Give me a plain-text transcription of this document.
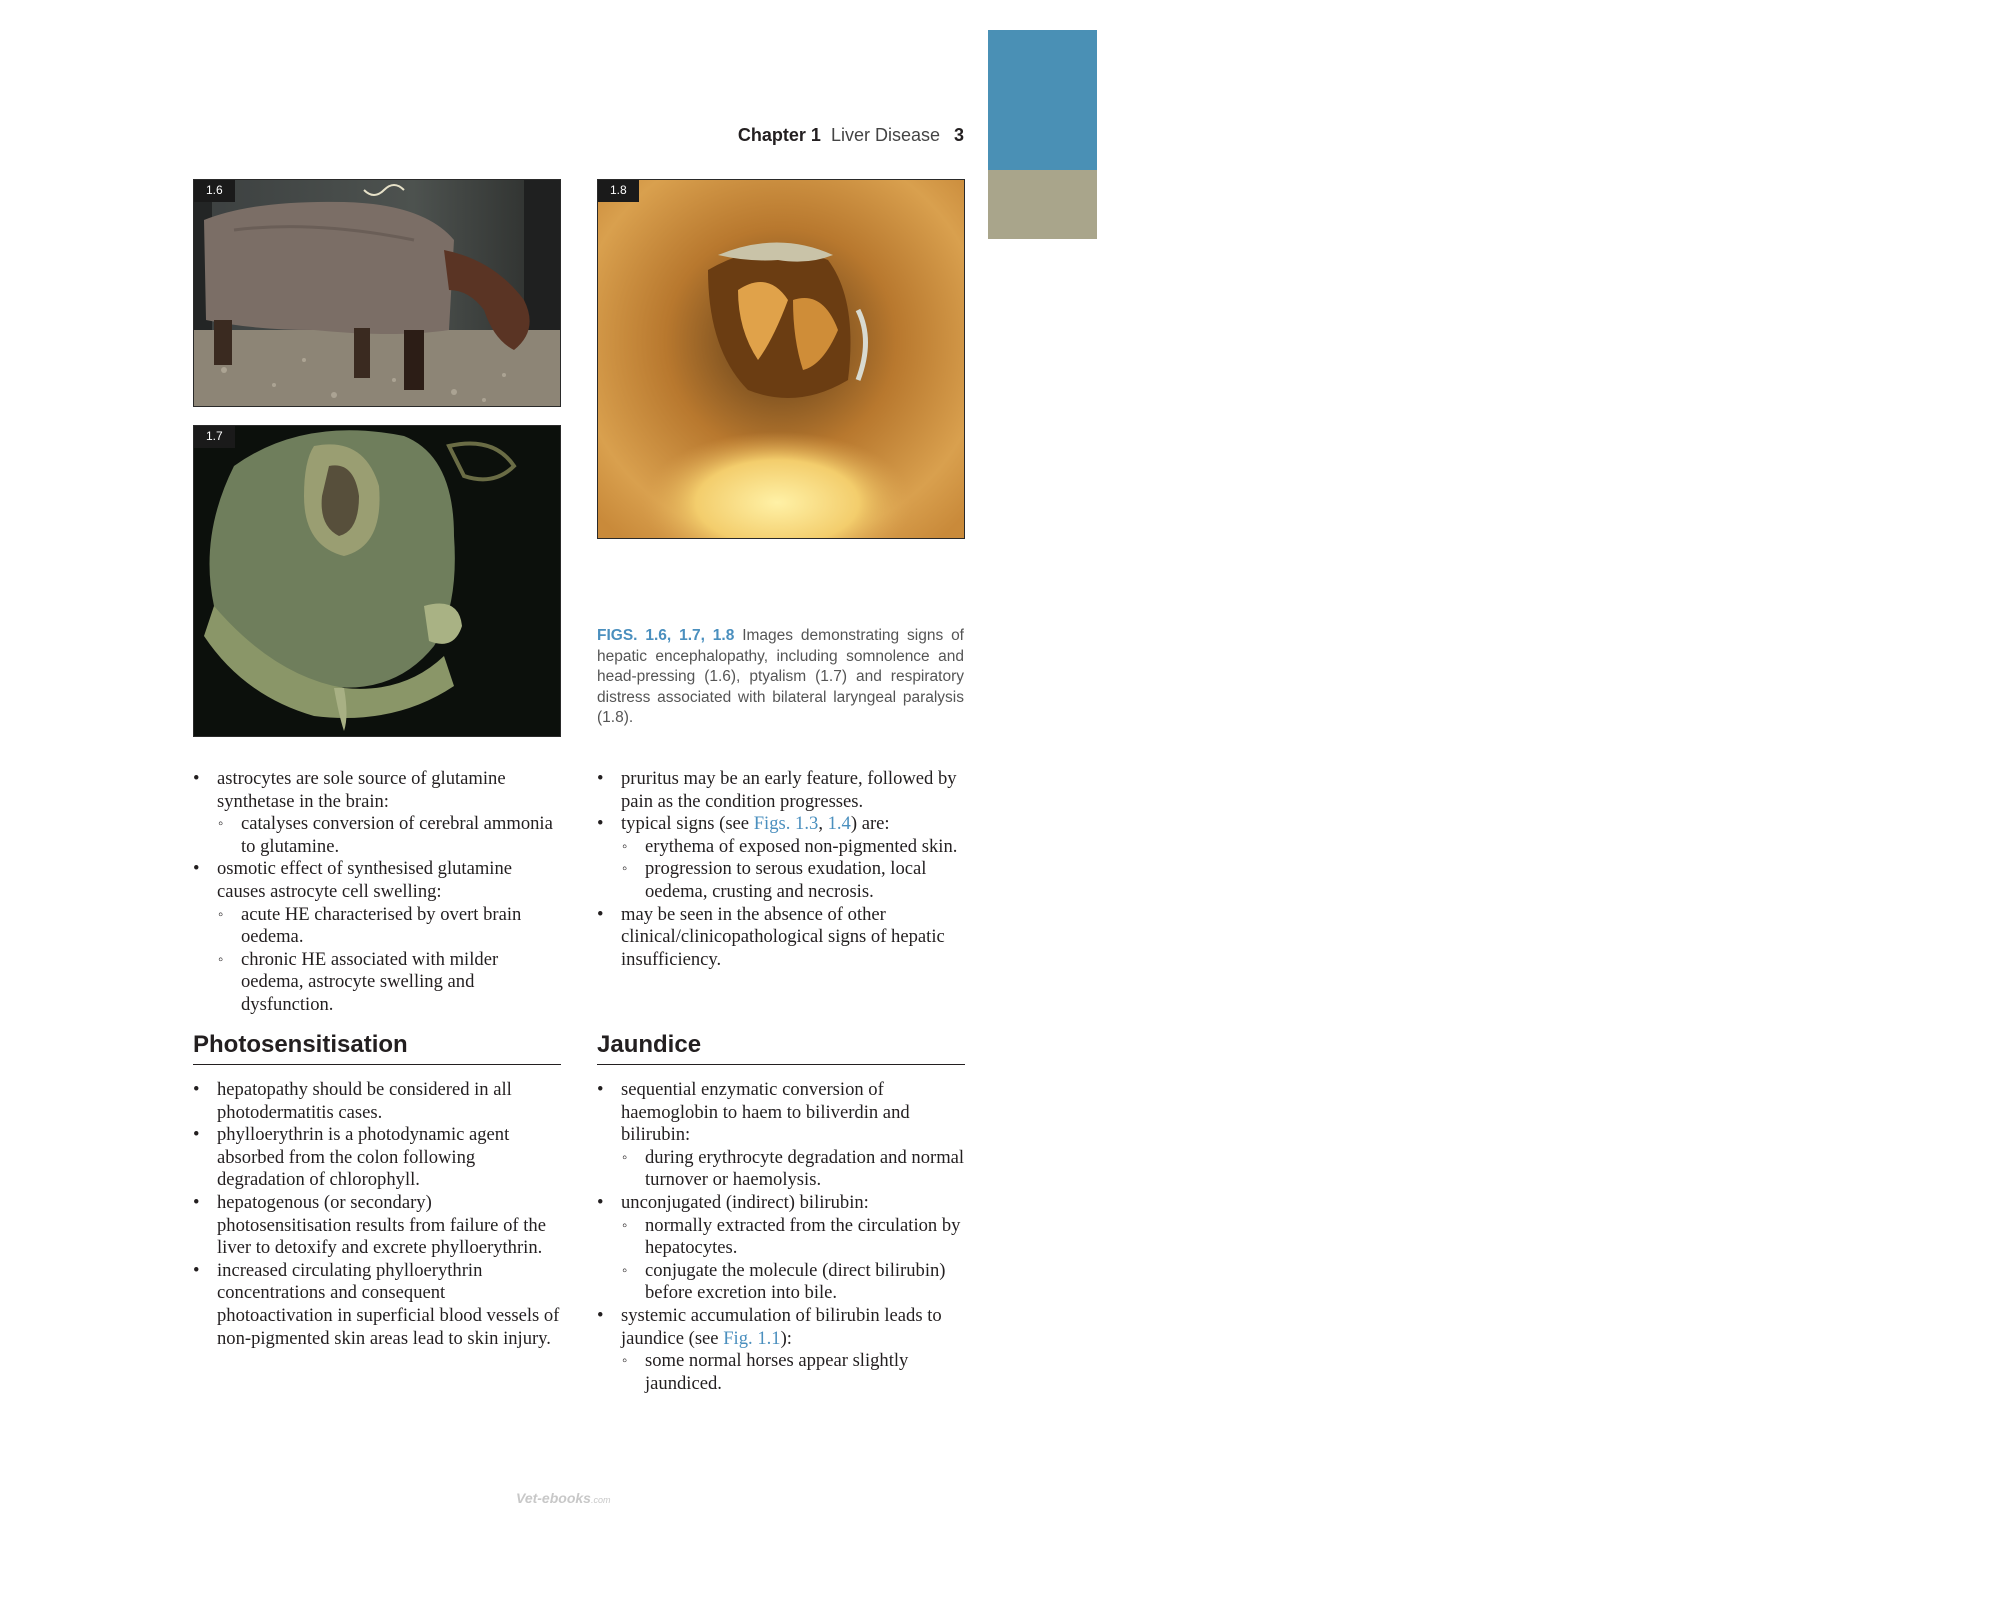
1
Chapter 1 Liver Disease 3
1.6
1.7
1.8
FIGS. 1.6, 1.7, 1.8 Images demonstrating signs of hepatic encephalopathy, including somnolence and head-pressing (1.6), ptyalism (1.7) and respiratory distress associated with bilateral laryngeal paralysis (1.8).
• astrocytes are sole source of glutamine synthetase in the brain:
◦ catalyses conversion of cerebral ammonia to glutamine.
• osmotic effect of synthesised glutamine causes astrocyte cell swelling:
◦ acute HE characterised by overt brain oedema.
◦ chronic HE associated with milder oedema, astrocyte swelling and dysfunction.
• pruritus may be an early feature, followed by pain as the condition progresses.
• typical signs (see Figs. 1.3, 1.4) are:
◦ erythema of exposed non-pigmented skin.
◦ progression to serous exudation, local oedema, crusting and necrosis.
• may be seen in the absence of other clinical/clinicopathological signs of hepatic insufficiency.
Photosensitisation	Jaundice
• hepatopathy should be considered in all photodermatitis cases.
• phylloerythrin is a photodynamic agent absorbed from the colon following degradation of chlorophyll.
• hepatogenous (or secondary) photosensitisation results from failure of the liver to detoxify and excrete phylloerythrin.
• increased circulating phylloerythrin concentrations and consequent photoactivation in superficial blood vessels of non-pigmented skin areas lead to skin injury.
• sequential enzymatic conversion of haemoglobin to haem to biliverdin and bilirubin:
◦ during erythrocyte degradation and normal turnover or haemolysis.
• unconjugated (indirect) bilirubin:
◦ normally extracted from the circulation by hepatocytes.
◦ conjugate the molecule (direct bilirubin) before excretion into bile.
• systemic accumulation of bilirubin leads to jaundice (see Fig. 1.1):
◦ some normal horses appear slightly jaundiced.
Vet-ebooks.com
